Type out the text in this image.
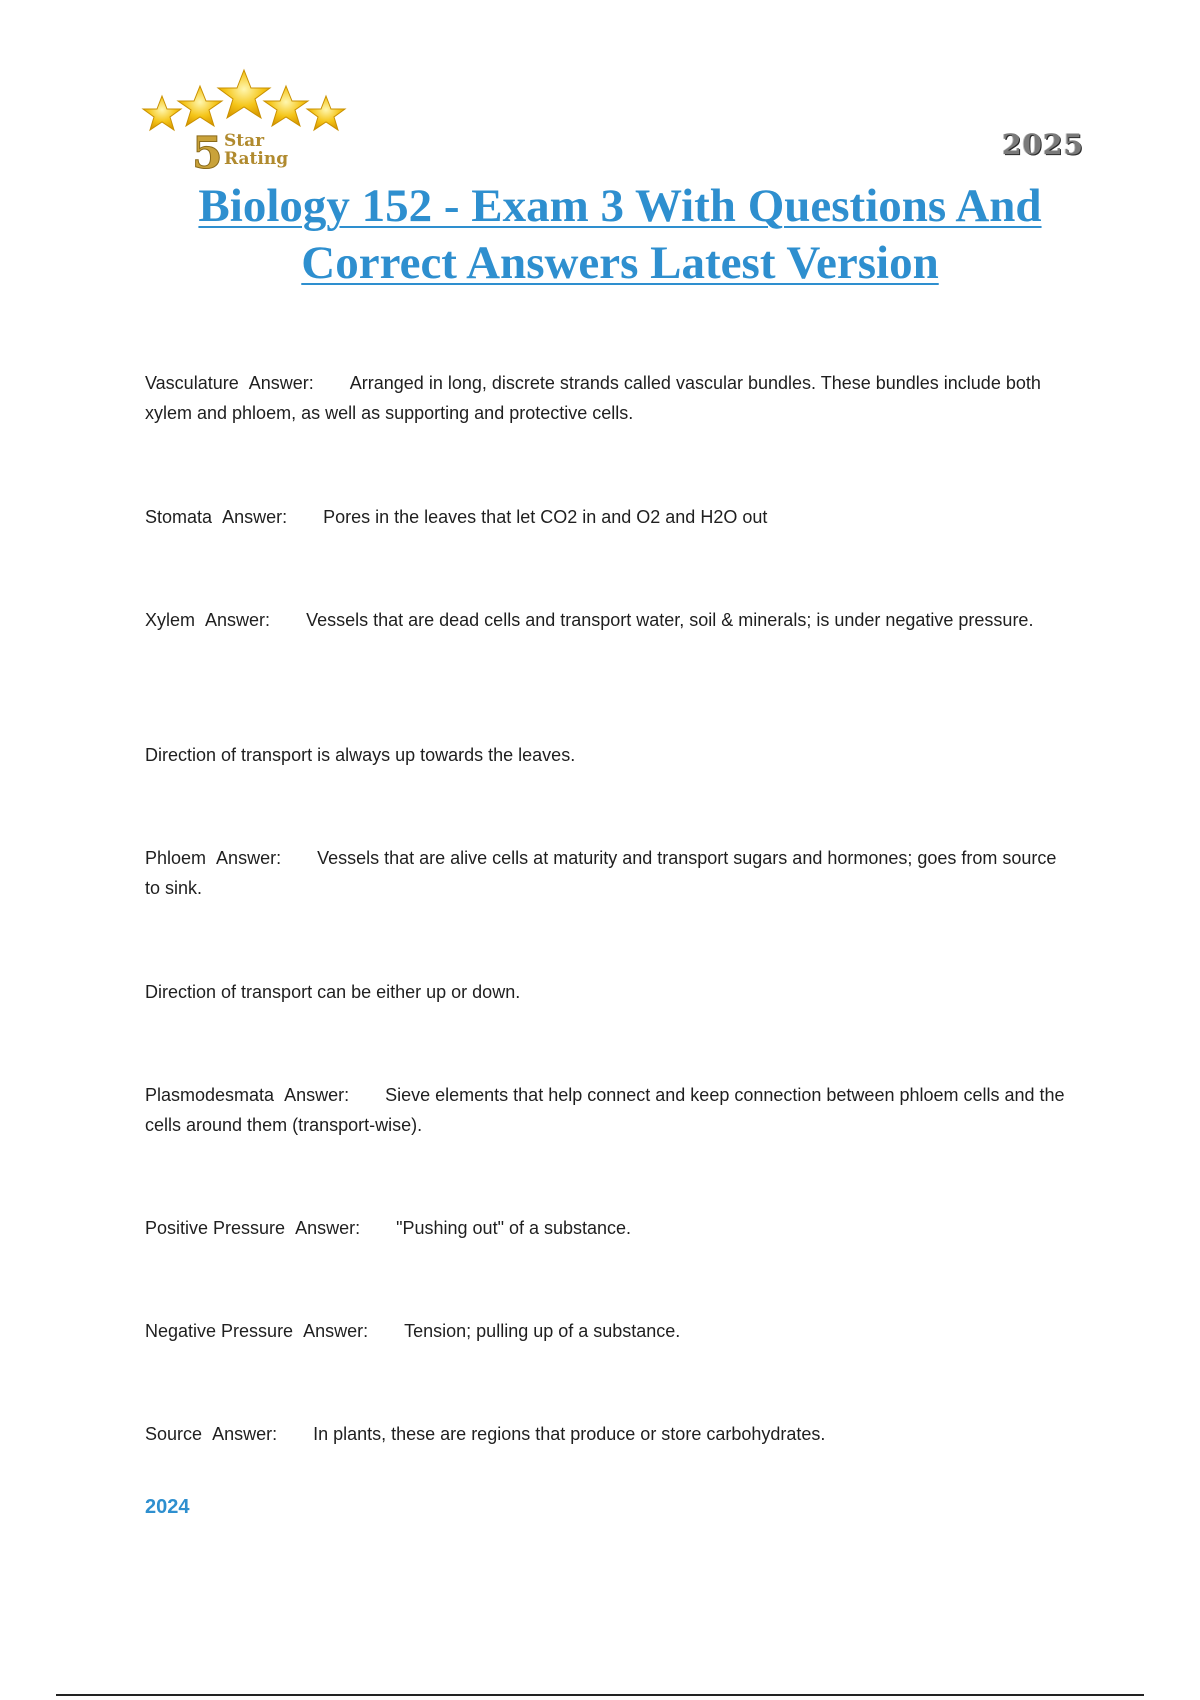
5 Star
Rating	2025
Biology 152 - Exam 3 With Questions And Correct Answers Latest Version
Vasculature Answer: Arranged in long, discrete strands called vascular bundles. These bundles include both xylem and phloem, as well as supporting and protective cells.
Stomata Answer: Pores in the leaves that let CO2 in and O2 and H2O out
Xylem Answer: Vessels that are dead cells and transport water, soil & minerals; is under negative pressure.
Direction of transport is always up towards the leaves.
Phloem Answer: Vessels that are alive cells at maturity and transport sugars and hormones; goes from source to sink.
Direction of transport can be either up or down.
Plasmodesmata Answer: Sieve elements that help connect and keep connection between phloem cells and the cells around them (transport-wise).
Positive Pressure Answer: "Pushing out" of a substance.
Negative Pressure Answer: Tension; pulling up of a substance.
Source Answer: In plants, these are regions that produce or store carbohydrates.
2024
